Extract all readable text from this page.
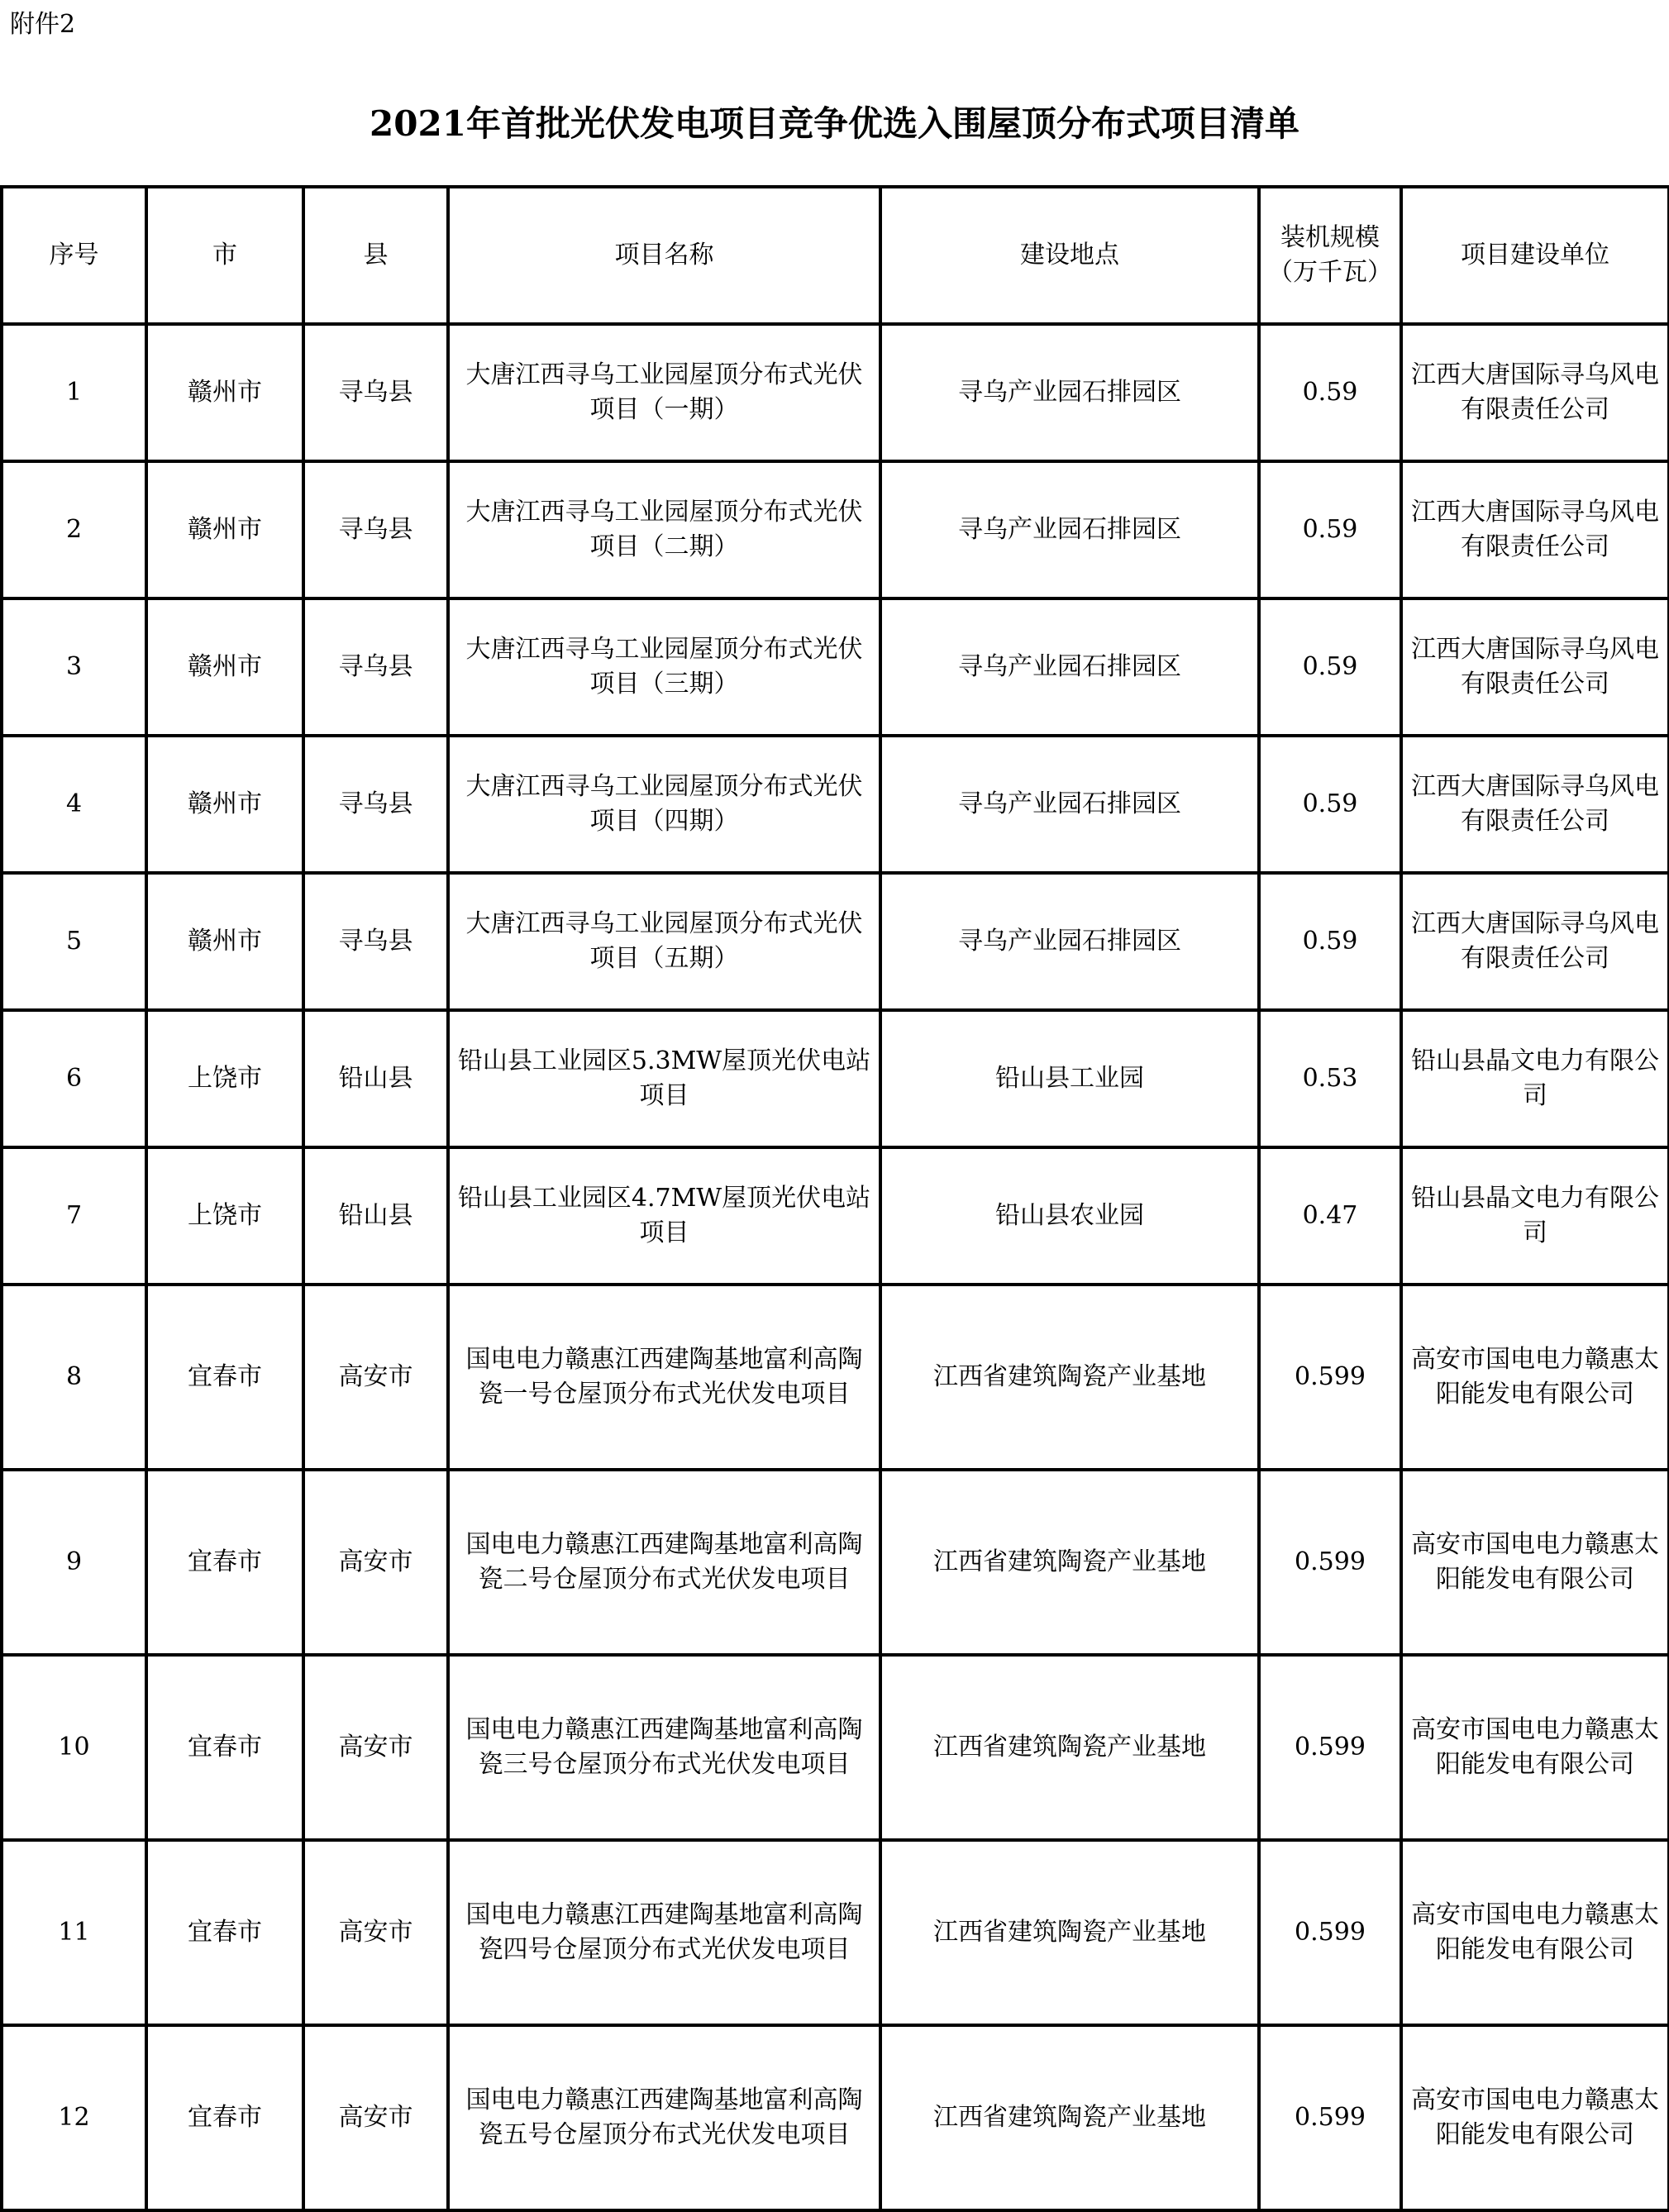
附件2
2021年首批光伏发电项目竞争优选入围屋顶分布式项目清单
序号	市	县	项目名称	建设地点	装机规模（万千瓦）	项目建设单位
1	赣州市	寻乌县	大唐江西寻乌工业园屋顶分布式光伏项目（一期）	寻乌产业园石排园区	0.59	江西大唐国际寻乌风电有限责任公司
2	赣州市	寻乌县	大唐江西寻乌工业园屋顶分布式光伏项目（二期）	寻乌产业园石排园区	0.59	江西大唐国际寻乌风电有限责任公司
3	赣州市	寻乌县	大唐江西寻乌工业园屋顶分布式光伏项目（三期）	寻乌产业园石排园区	0.59	江西大唐国际寻乌风电有限责任公司
4	赣州市	寻乌县	大唐江西寻乌工业园屋顶分布式光伏项目（四期）	寻乌产业园石排园区	0.59	江西大唐国际寻乌风电有限责任公司
5	赣州市	寻乌县	大唐江西寻乌工业园屋顶分布式光伏项目（五期）	寻乌产业园石排园区	0.59	江西大唐国际寻乌风电有限责任公司
6	上饶市	铅山县	铅山县工业园区5.3MW屋顶光伏电站项目	铅山县工业园	0.53	铅山县晶文电力有限公司
7	上饶市	铅山县	铅山县工业园区4.7MW屋顶光伏电站项目	铅山县农业园	0.47	铅山县晶文电力有限公司
8	宜春市	高安市	国电电力赣惠江西建陶基地富利高陶瓷一号仓屋顶分布式光伏发电项目	江西省建筑陶瓷产业基地	0.599	高安市国电电力赣惠太阳能发电有限公司
9	宜春市	高安市	国电电力赣惠江西建陶基地富利高陶瓷二号仓屋顶分布式光伏发电项目	江西省建筑陶瓷产业基地	0.599	高安市国电电力赣惠太阳能发电有限公司
10	宜春市	高安市	国电电力赣惠江西建陶基地富利高陶瓷三号仓屋顶分布式光伏发电项目	江西省建筑陶瓷产业基地	0.599	高安市国电电力赣惠太阳能发电有限公司
11	宜春市	高安市	国电电力赣惠江西建陶基地富利高陶瓷四号仓屋顶分布式光伏发电项目	江西省建筑陶瓷产业基地	0.599	高安市国电电力赣惠太阳能发电有限公司
12	宜春市	高安市	国电电力赣惠江西建陶基地富利高陶瓷五号仓屋顶分布式光伏发电项目	江西省建筑陶瓷产业基地	0.599	高安市国电电力赣惠太阳能发电有限公司
